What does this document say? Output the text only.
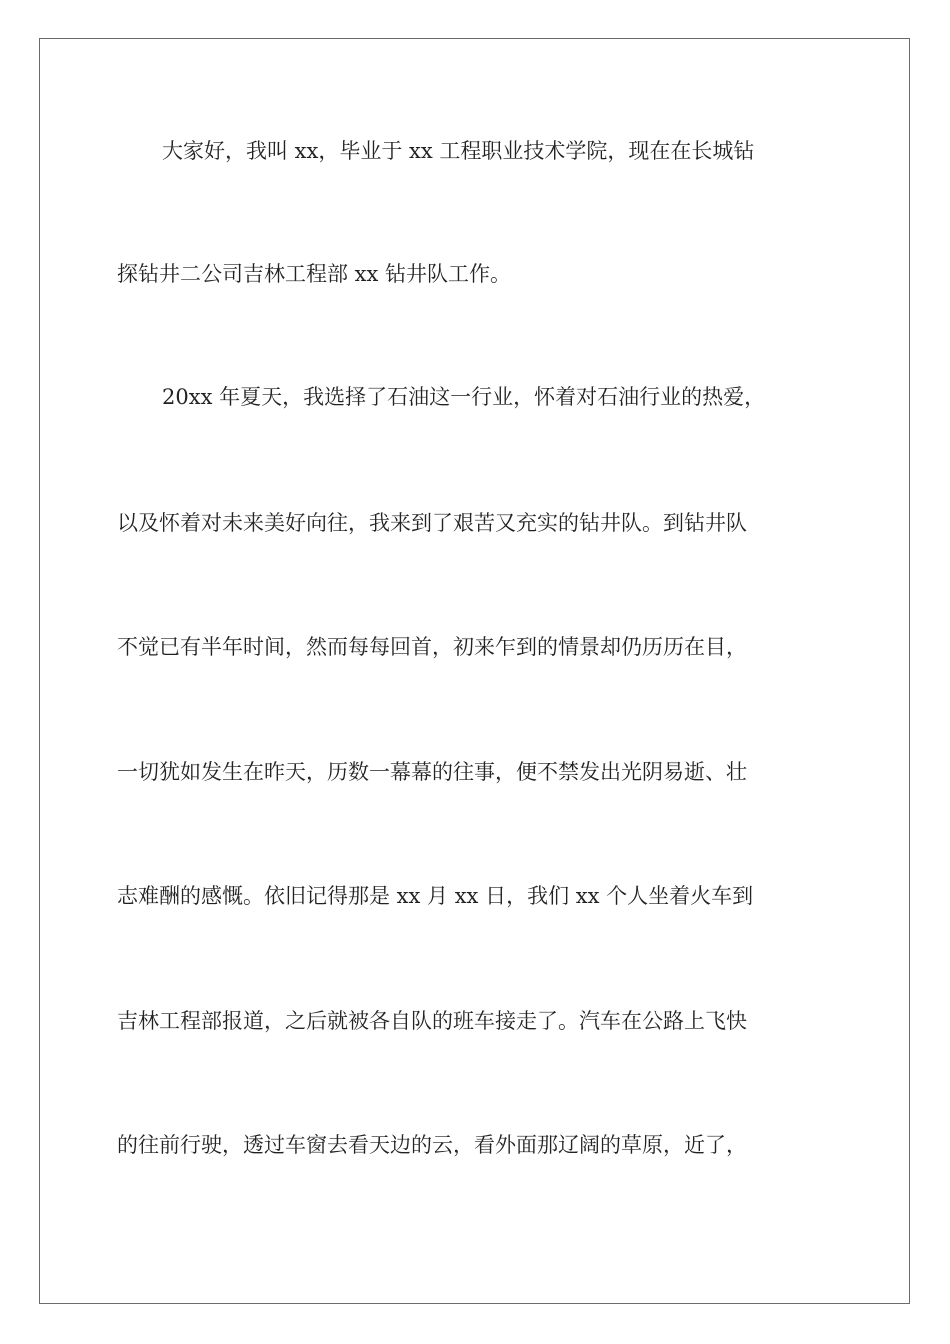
大家好，我叫 xx，毕业于 xx 工程职业技术学院，现在在长城钻

探钻井二公司吉林工程部 xx 钻井队工作。

20xx 年夏天，我选择了石油这一行业，怀着对石油行业的热爱，

以及怀着对未来美好向往，我来到了艰苦又充实的钻井队。到钻井队

不觉已有半年时间，然而每每回首，初来乍到的情景却仍历历在目，

一切犹如发生在昨天，历数一幕幕的往事，便不禁发出光阴易逝、壮

志难酬的感慨。依旧记得那是 xx 月 xx 日，我们 xx 个人坐着火车到

吉林工程部报道，之后就被各自队的班车接走了。汽车在公路上飞快

的往前行驶，透过车窗去看天边的云，看外面那辽阔的草原，近了，
